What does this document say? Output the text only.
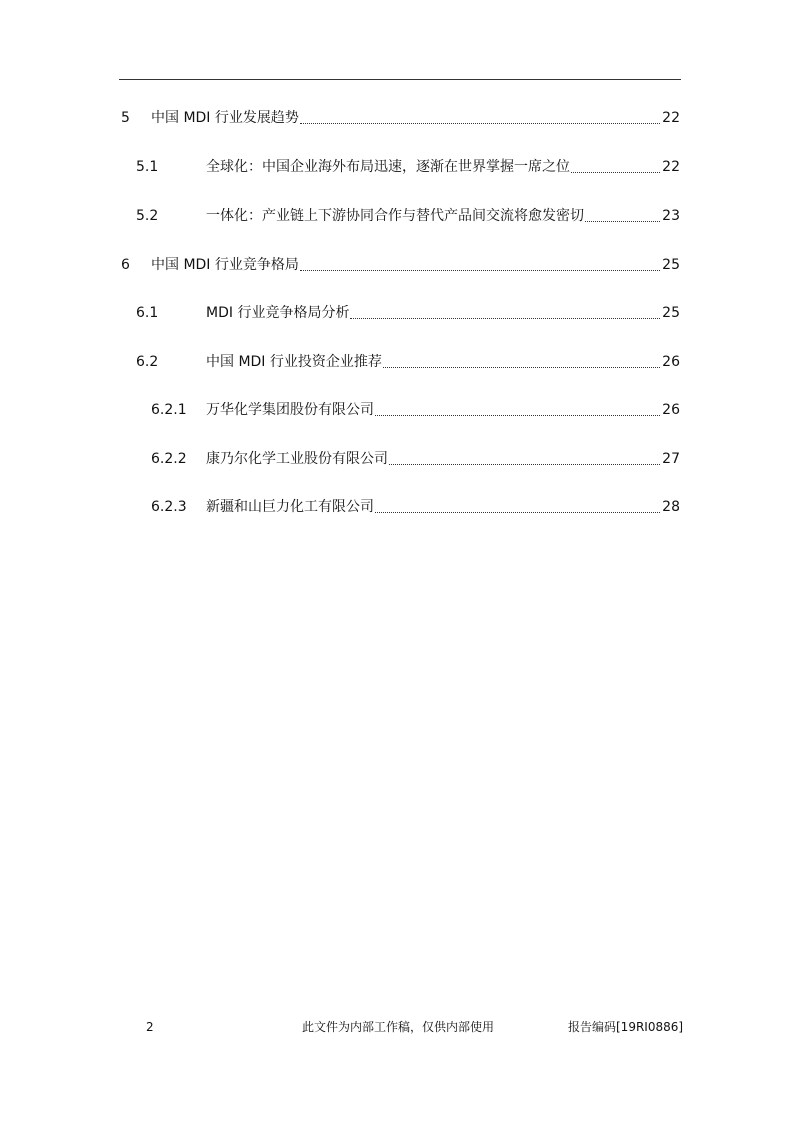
5	中国 MDI 行业发展趋势	22
5.1	全球化：中国企业海外布局迅速，逐渐在世界掌握一席之位	22
5.2	一体化：产业链上下游协同合作与替代产品间交流将愈发密切	23
6	中国 MDI 行业竞争格局	25
6.1	MDI 行业竞争格局分析	25
6.2	中国 MDI 行业投资企业推荐	26
6.2.1	万华化学集团股份有限公司	26
6.2.2	康乃尔化学工业股份有限公司	27
6.2.3	新疆和山巨力化工有限公司	28
2	此文件为内部工作稿，仅供内部使用	报告编码[19RI0886]
